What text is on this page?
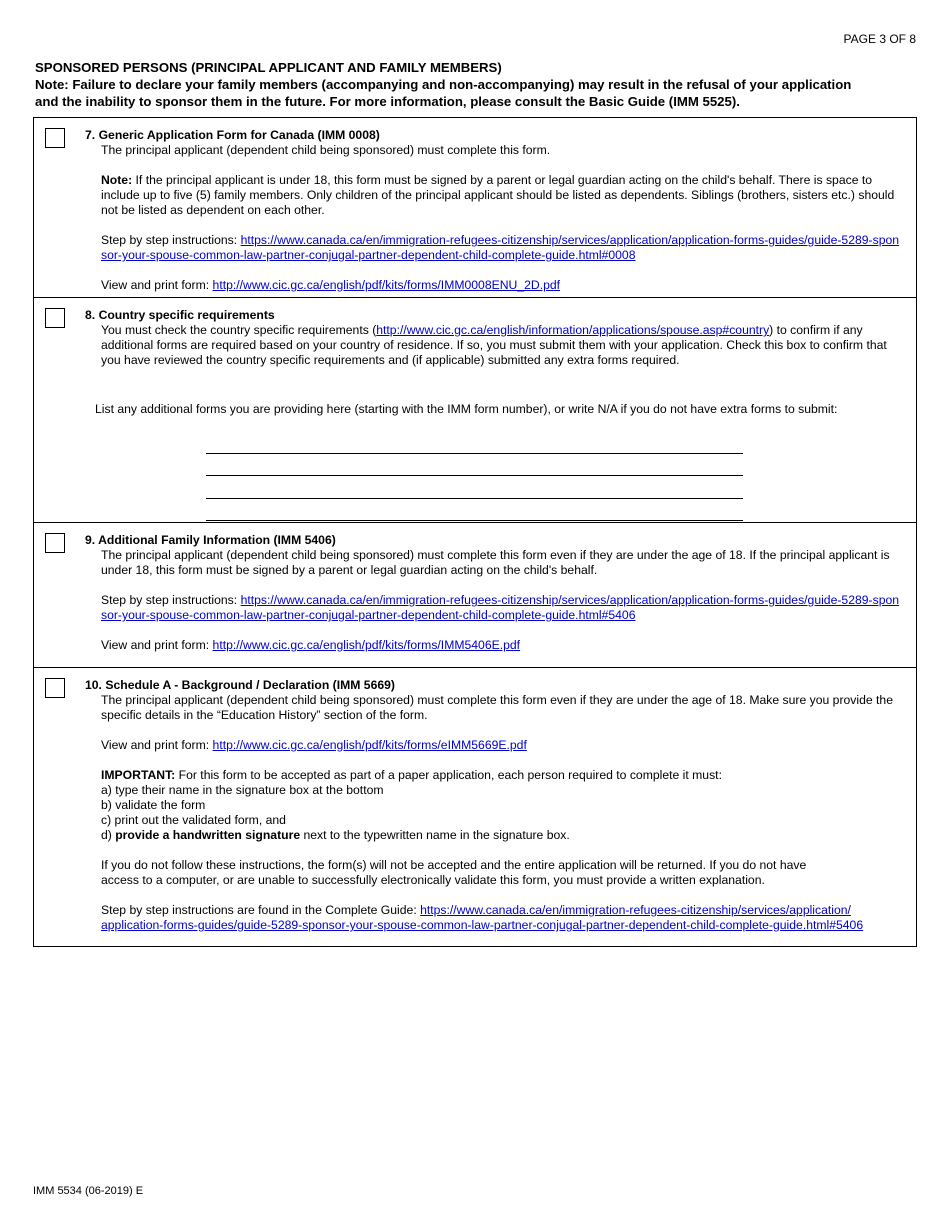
PAGE 3 OF 8
SPONSORED PERSONS (PRINCIPAL APPLICANT AND FAMILY MEMBERS)
Note: Failure to declare your family members (accompanying and non-accompanying) may result in the refusal of your application
and the inability to sponsor them in the future. For more information, please consult the Basic Guide (IMM 5525).
7. Generic Application Form for Canada (IMM 0008)
The principal applicant (dependent child being sponsored) must complete this form.
Note: If the principal applicant is under 18, this form must be signed by a parent or legal guardian acting on the child's behalf. There is space to include up to five (5) family members. Only children of the principal applicant should be listed as dependents. Siblings (brothers, sisters etc.) should not be listed as dependent on each other.
Step by step instructions: https://www.canada.ca/en/immigration-refugees-citizenship/services/application/application-forms-guides/guide-5289-sponsor-your-spouse-common-law-partner-conjugal-partner-dependent-child-complete-guide.html#0008
View and print form: http://www.cic.gc.ca/english/pdf/kits/forms/IMM0008ENU_2D.pdf
8. Country specific requirements
You must check the country specific requirements (http://www.cic.gc.ca/english/information/applications/spouse.asp#country) to confirm if any additional forms are required based on your country of residence. If so, you must submit them with your application. Check this box to confirm that you have reviewed the country specific requirements and (if applicable) submitted any extra forms required.
List any additional forms you are providing here (starting with the IMM form number), or write N/A if you do not have extra forms to submit:
9. Additional Family Information (IMM 5406)
The principal applicant (dependent child being sponsored) must complete this form even if they are under the age of 18. If the principal applicant is under 18, this form must be signed by a parent or legal guardian acting on the child's behalf.
Step by step instructions: https://www.canada.ca/en/immigration-refugees-citizenship/services/application/application-forms-guides/guide-5289-sponsor-your-spouse-common-law-partner-conjugal-partner-dependent-child-complete-guide.html#5406
View and print form: http://www.cic.gc.ca/english/pdf/kits/forms/IMM5406E.pdf
10. Schedule A - Background / Declaration (IMM 5669)
The principal applicant (dependent child being sponsored) must complete this form even if they are under the age of 18. Make sure you provide the specific details in the “Education History” section of the form.
View and print form: http://www.cic.gc.ca/english/pdf/kits/forms/eIMM5669E.pdf
IMPORTANT: For this form to be accepted as part of a paper application, each person required to complete it must:
a) type their name in the signature box at the bottom
b) validate the form
c) print out the validated form, and
d) provide a handwritten signature next to the typewritten name in the signature box.
If you do not follow these instructions, the form(s) will not be accepted and the entire application will be returned. If you do not have
access to a computer, or are unable to successfully electronically validate this form, you must provide a written explanation.
Step by step instructions are found in the Complete Guide: https://www.canada.ca/en/immigration-refugees-citizenship/services/application/
application-forms-guides/guide-5289-sponsor-your-spouse-common-law-partner-conjugal-partner-dependent-child-complete-guide.html#5406
IMM 5534 (06-2019) E
